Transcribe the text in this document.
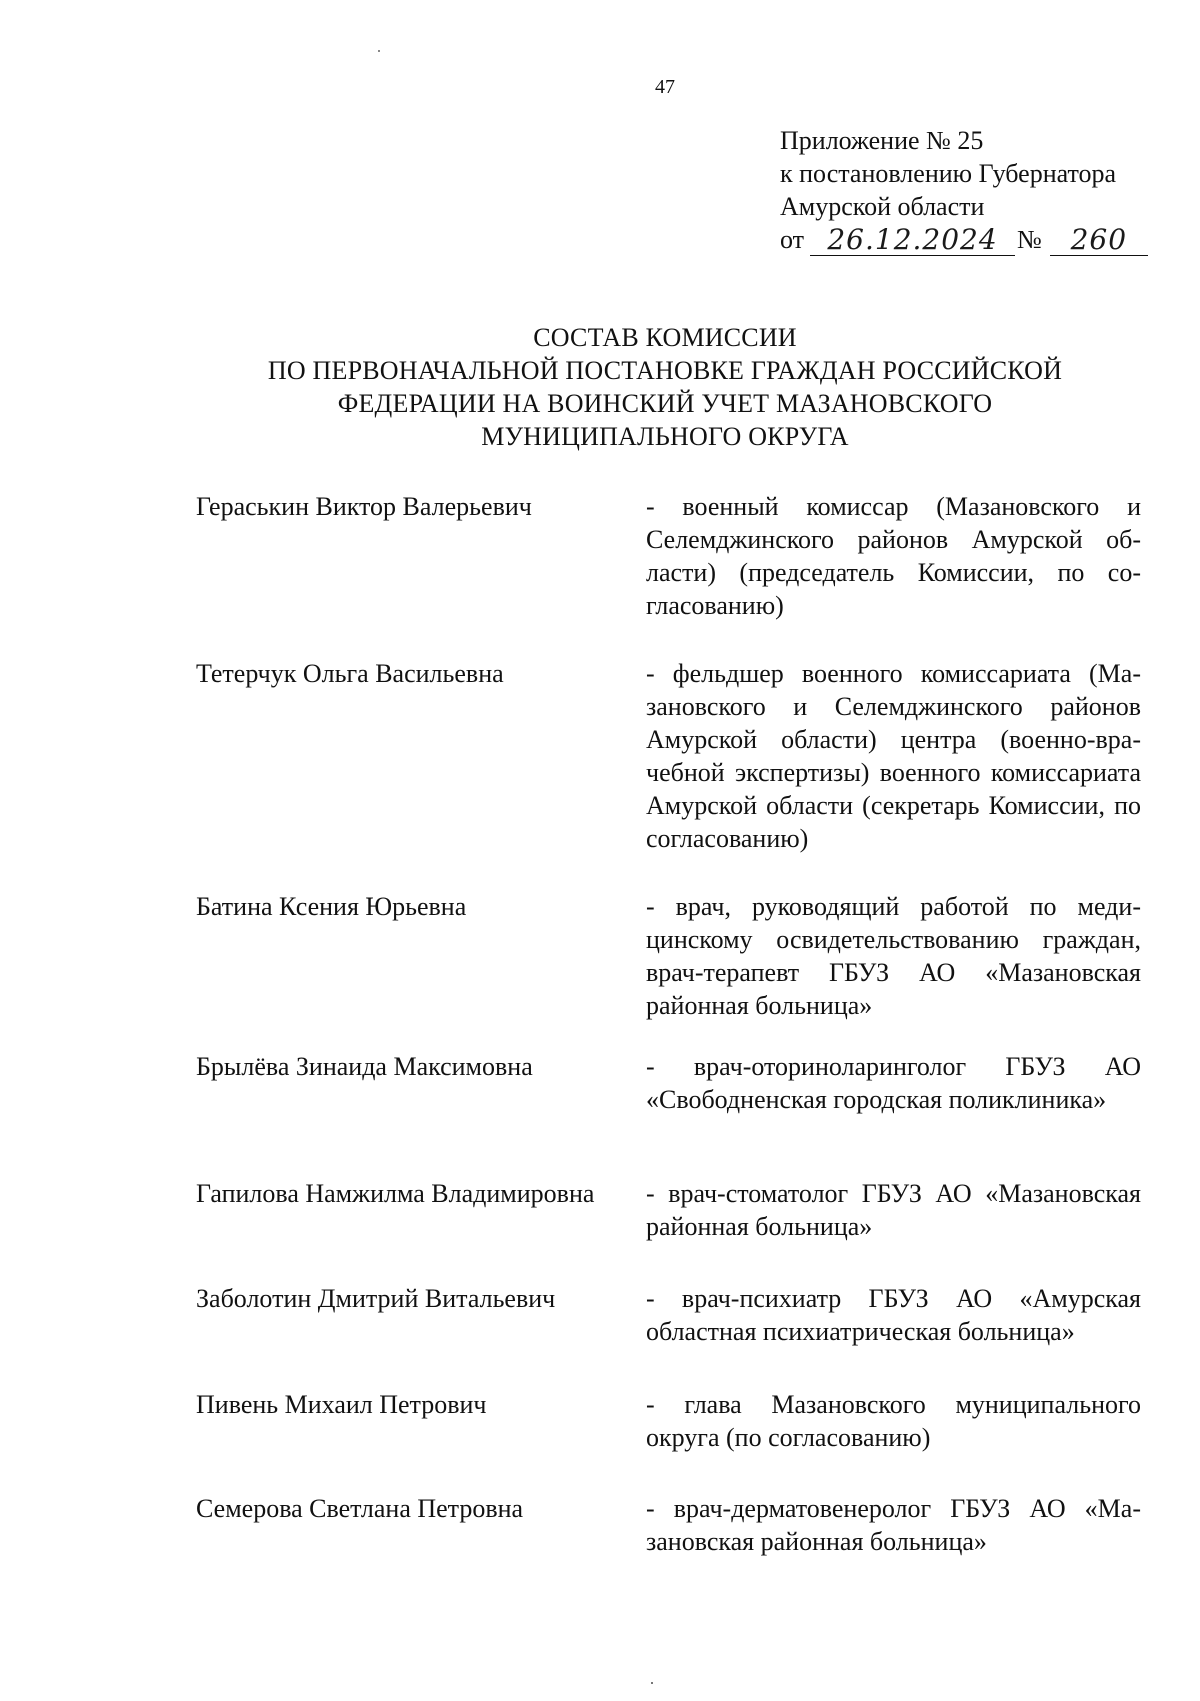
47
Приложение № 25
к постановлению Губернатора
Амурской области
от 26.12.2024 №	260
СОСТАВ КОМИССИИ
ПО ПЕРВОНАЧАЛЬНОЙ ПОСТАНОВКЕ ГРАЖДАН РОССИЙСКОЙ
ФЕДЕРАЦИИ НА ВОИНСКИЙ УЧЕТ МАЗАНОВСКОГО
МУНИЦИПАЛЬНОГО ОКРУГА
Гераськин Виктор Валерьевич	- военный комиссар (Мазановского и Селемджинского районов Амурской области) (председатель Комиссии, по согласованию)
Тетерчук Ольга Васильевна	- фельдшер военного комиссариата (Мазановского и Селемджинского районов Амурской области) центра (военно-врачебной экспертизы) военного комиссариата Амурской области (секретарь Комиссии, по согласованию)
Батина Ксения Юрьевна	- врач, руководящий работой по медицинскому освидетельствованию граждан, врач-терапевт ГБУЗ АО «Мазановская районная больница»
Брылёва Зинаида Максимовна	- врач-оториноларинголог ГБУЗ АО «Свободненская городская поликлиника»
Гапилова Намжилма Владимировна	- врач-стоматолог ГБУЗ АО «Мазановская районная больница»
Заболотин Дмитрий Витальевич	- врач-психиатр ГБУЗ АО «Амурская областная психиатрическая больница»
Пивень Михаил Петрович	- глава Мазановского муниципального округа (по согласованию)
Семерова Светлана Петровна	- врач-дерматовенеролог ГБУЗ АО «Мазановская районная больница»
